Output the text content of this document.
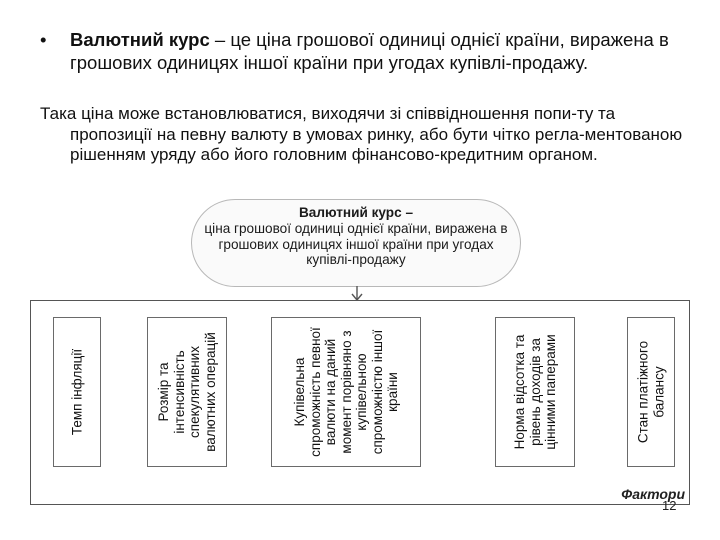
•	Валютний курс – це ціна грошової одиниці однієї країни, виражена в грошових одиницях іншої країни при угодах купівлі-продажу.
Така ціна може встановлюватися, виходячи зі співвідношення попи-ту та пропозиції на певну валюту в умовах ринку, або бути чітко регла-ментованою рішенням уряду або його головним фінансово-кредитним органом.
Валютний курс –
ціна грошової одиниці однієї країни, виражена в грошових одиницях іншої країни при угодах купівлі-продажу
Темп інфляції	Розмір та інтенсивність спекулятивних валютних операцій	Купівельна спроможність певної валюти на даний момент порівняно з купівельною спроможністю іншої країни	Норма відсотка та рівень доходів за цінними паперами	Стан платіжного балансу
Фактори
12
